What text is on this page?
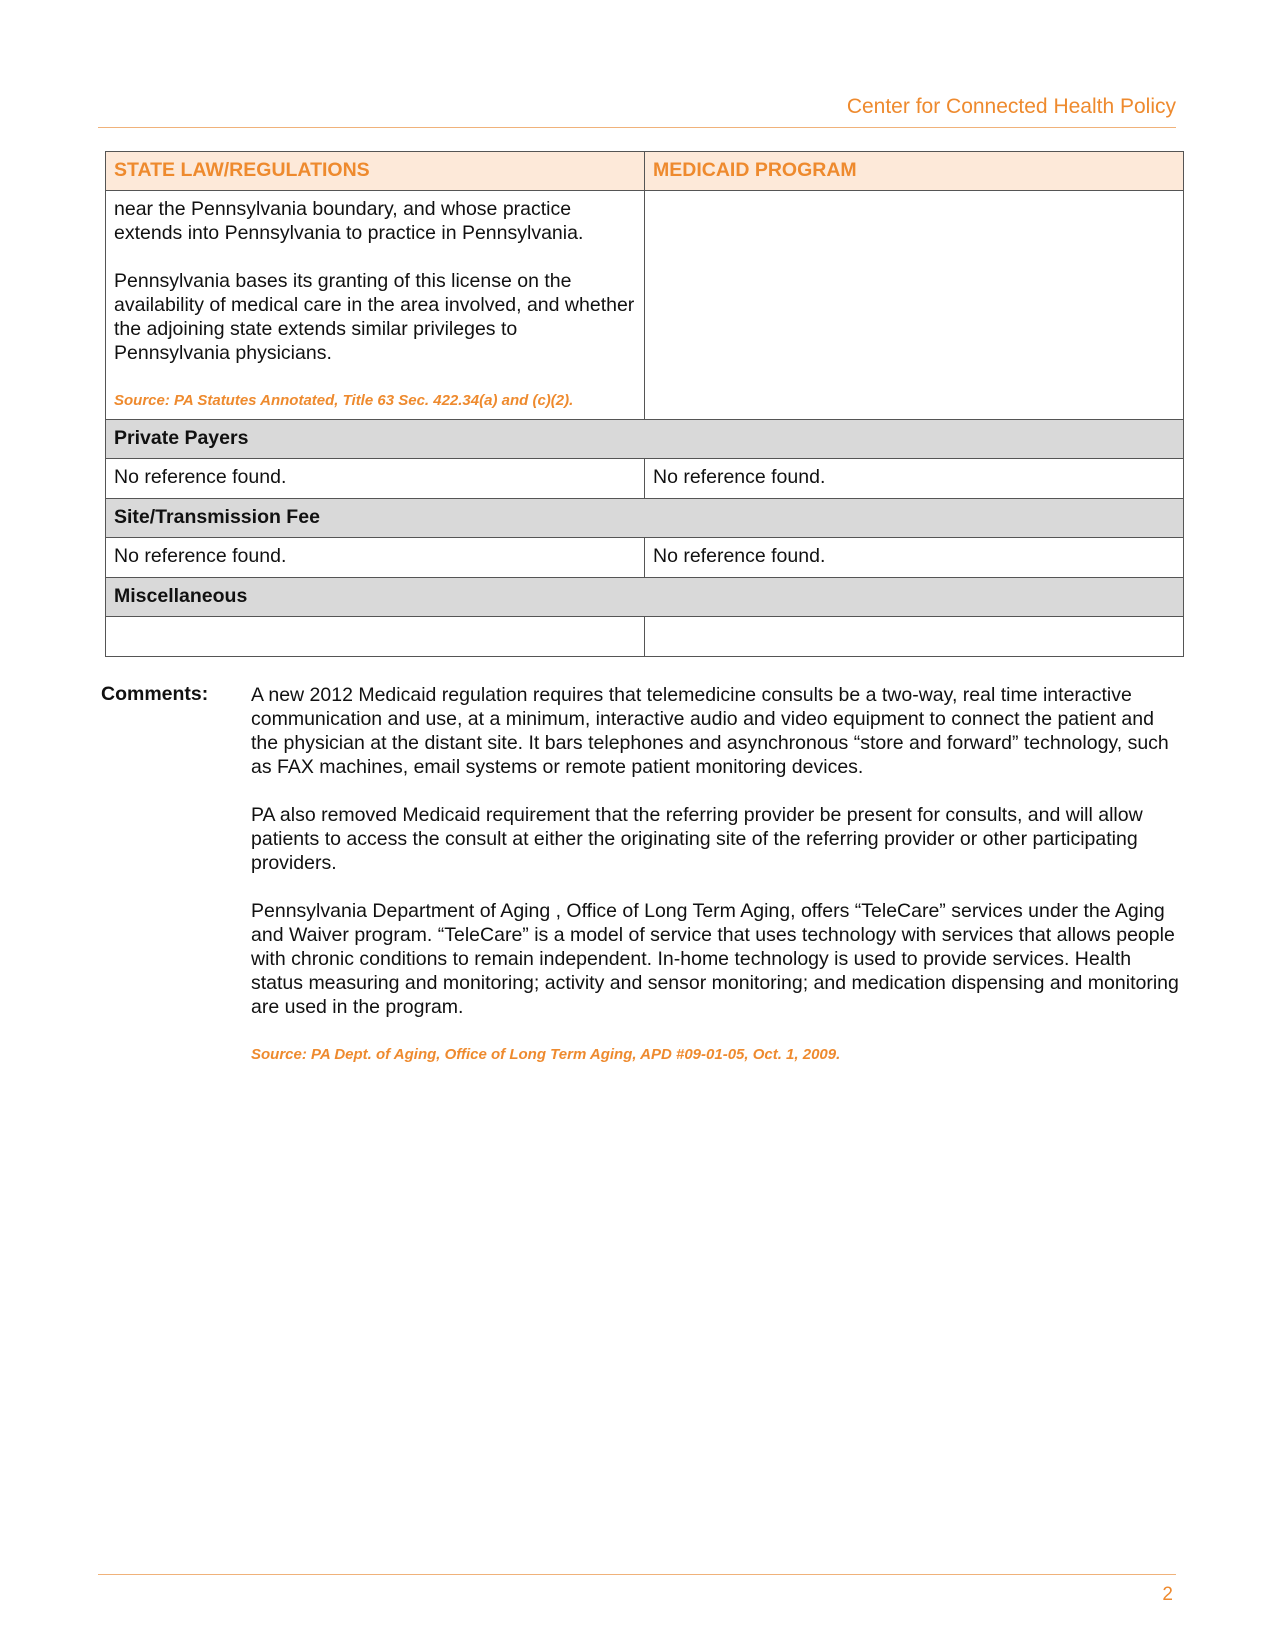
Center for Connected Health Policy
STATE LAW/REGULATIONS	MEDICAID PROGRAM

near the Pennsylvania boundary, and whose practice extends into Pennsylvania to practice in Pennsylvania.

Pennsylvania bases its granting of this license on the availability of medical care in the area involved, and whether the adjoining state extends similar privileges to Pennsylvania physicians.

Source: PA Statutes Annotated, Title 63 Sec. 422.34(a) and (c)(2).	

Private Payers	
No reference found.	No reference found.
Site/Transmission Fee	
No reference found.	No reference found.
Miscellaneous	

Comments: A new 2012 Medicaid regulation requires that telemedicine consults be a two-way, real time interactive communication and use, at a minimum, interactive audio and video equipment to connect the patient and the physician at the distant site. It bars telephones and asynchronous “store and forward” technology, such as FAX machines, email systems or remote patient monitoring devices.

PA also removed Medicaid requirement that the referring provider be present for consults, and will allow patients to access the consult at either the originating site of the referring provider or other participating providers.

Pennsylvania Department of Aging , Office of Long Term Aging, offers “TeleCare” services under the Aging and Waiver program. “TeleCare” is a model of service that uses technology with services that allows people with chronic conditions to remain independent. In-home technology is used to provide services. Health status measuring and monitoring; activity and sensor monitoring; and medication dispensing and monitoring are used in the program.

Source: PA Dept. of Aging, Office of Long Term Aging, APD #09-01-05, Oct. 1, 2009.
2
